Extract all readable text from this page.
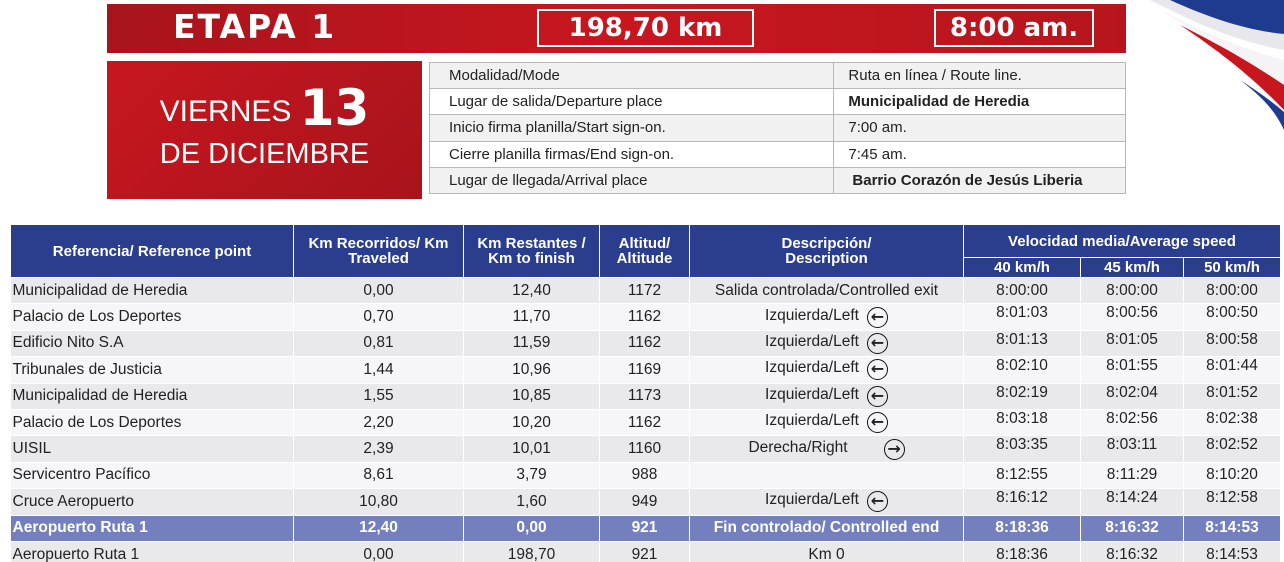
ETAPA 1	198,70 km	8:00 am.
VIERNES 13
DE DICIEMBRE
Modalidad/Mode	Ruta en línea / Route line.
Lugar de salida/Departure place	Municipalidad de Heredia
Inicio firma planilla/Start sign-on.	7:00 am.
Cierre planilla firmas/End sign-on.	7:45 am.
Lugar de llegada/Arrival place	Barrio Corazón de Jesús Liberia
Referencia/ Reference point	Km Recorridos/ Km Traveled	Km Restantes / Km to finish	Altitud/ Altitude	Descripción/ Description	Velocidad media/Average speed		
					40 km/h	45 km/h	50 km/h
Municipalidad de Heredia	0,00	12,40	1172	Salida controlada/Controlled exit	8:00:00	8:00:00	8:00:00
Palacio de Los Deportes	0,70	11,70	1162	Izquierda/Left ←	8:01:03	8:00:56	8:00:50
Edificio Nito S.A	0,81	11,59	1162	Izquierda/Left ←	8:01:13	8:01:05	8:00:58
Tribunales de Justicia	1,44	10,96	1169	Izquierda/Left ←	8:02:10	8:01:55	8:01:44
Municipalidad de Heredia	1,55	10,85	1173	Izquierda/Left ←	8:02:19	8:02:04	8:01:52
Palacio de Los Deportes	2,20	10,20	1162	Izquierda/Left ←	8:03:18	8:02:56	8:02:38
UISIL	2,39	10,01	1160	Derecha/Right →	8:03:35	8:03:11	8:02:52
Servicentro Pacífico	8,61	3,79	988		8:12:55	8:11:29	8:10:20
Cruce Aeropuerto	10,80	1,60	949	Izquierda/Left ←	8:16:12	8:14:24	8:12:58
Aeropuerto Ruta 1	12,40	0,00	921	Fin controlado/ Controlled end	8:18:36	8:16:32	8:14:53
Aeropuerto Ruta 1	0,00	198,70	921	Km 0	8:18:36	8:16:32	8:14:53
